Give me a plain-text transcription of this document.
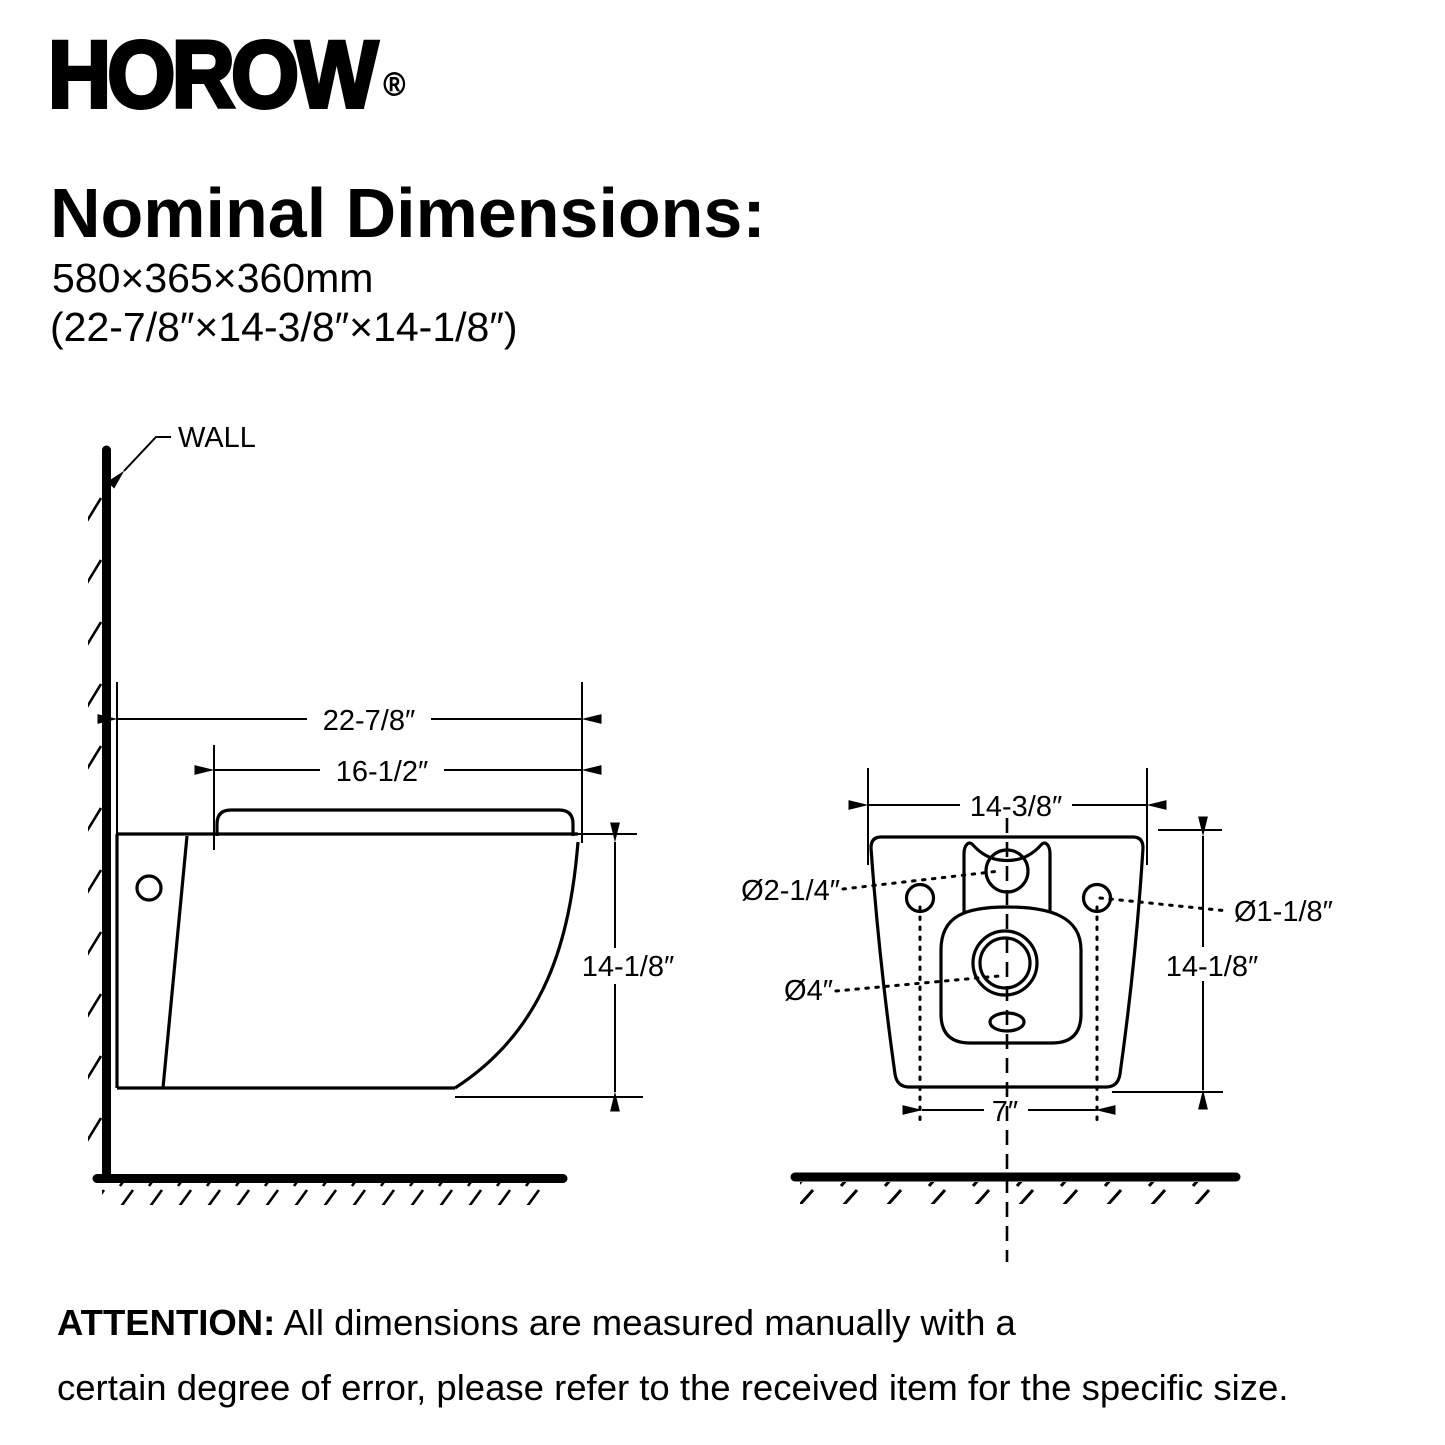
HOROW ®
Nominal Dimensions:
580×365×360mm
(22-7/8″×14-3/8″×14-1/8″)
WALL
22-7/8″
16-1/2″
14-1/8″
14-3/8″
Ø2-1/4″
Ø1-1/8″
Ø4″
14-1/8″
7″
ATTENTION: All dimensions are measured manually with a
certain degree of error, please refer to the received item for the specific size.
